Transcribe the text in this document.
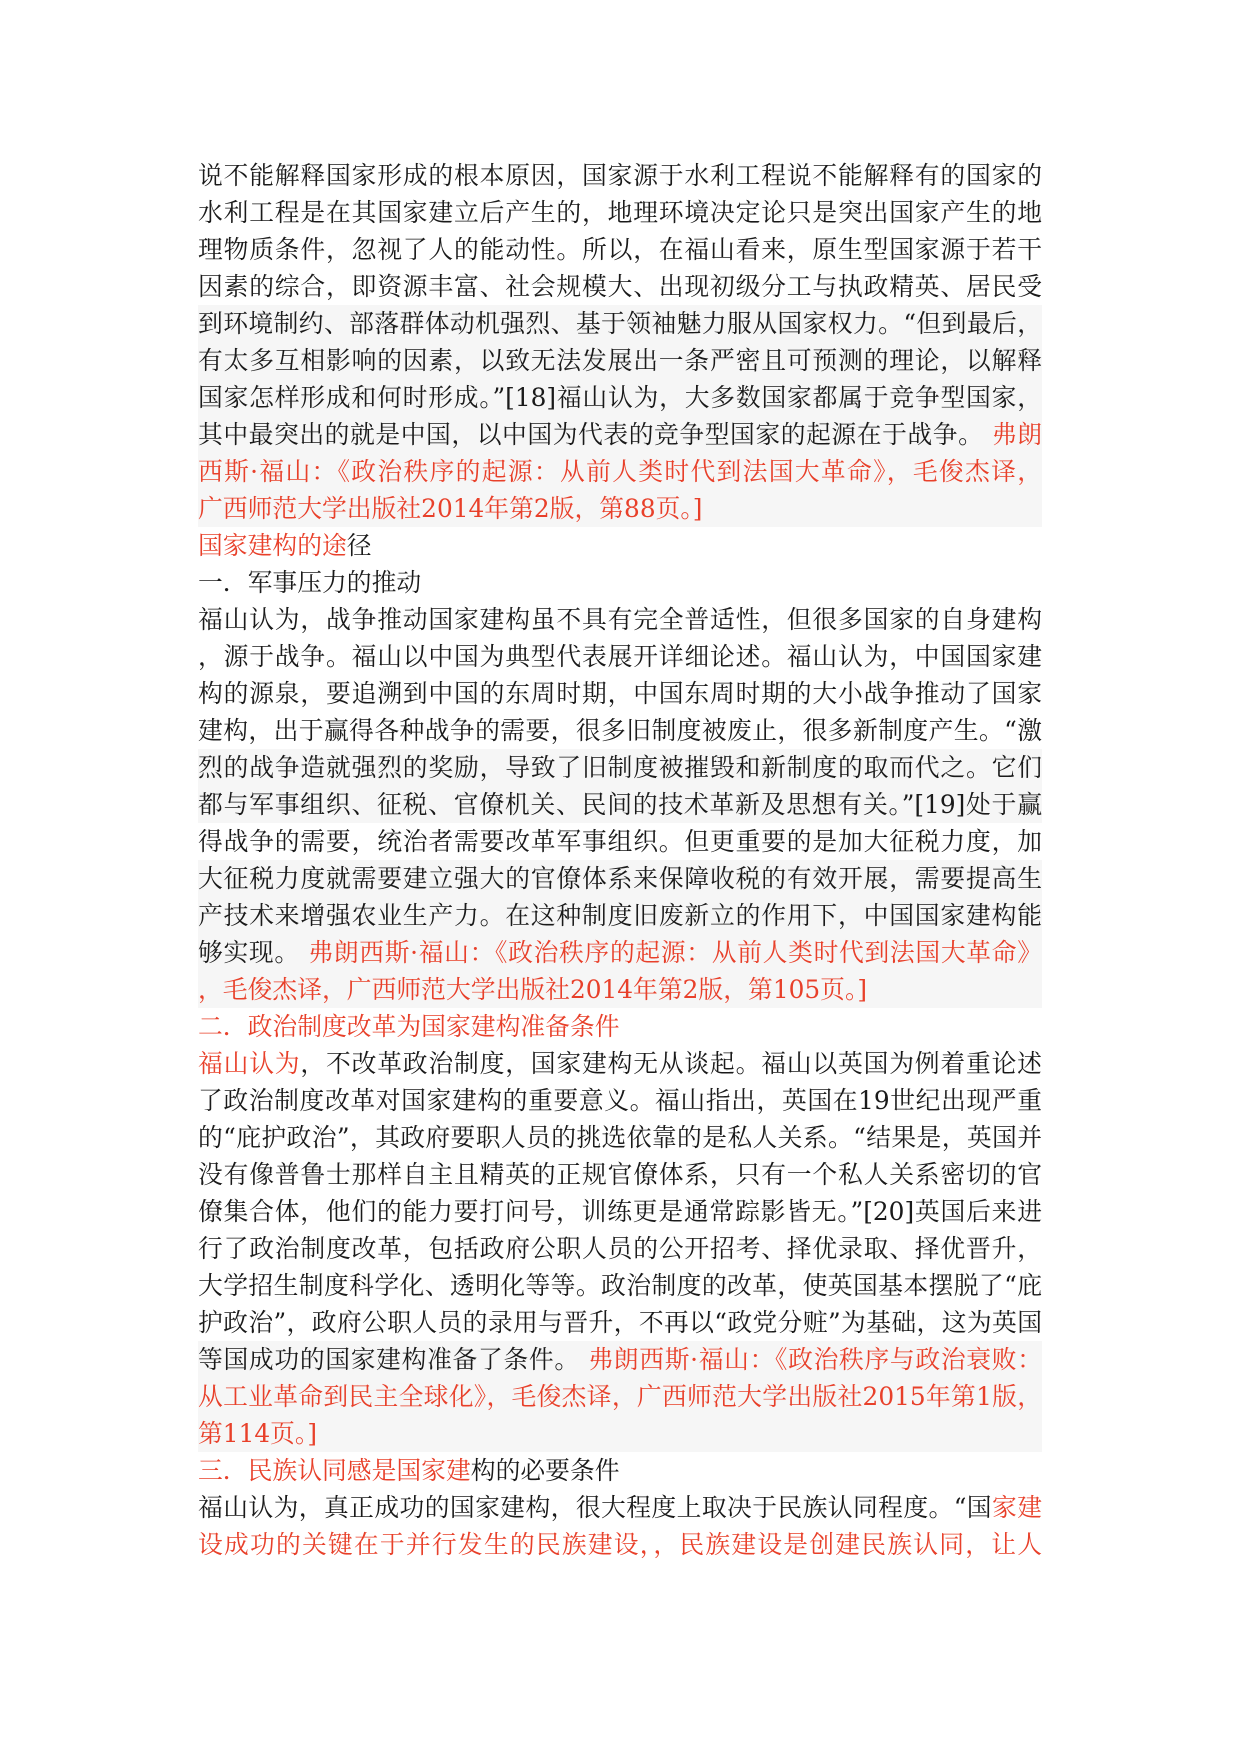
说不能解释国家形成的根本原因，国家源于水利工程说不能解释有的国家的
水利工程是在其国家建立后产生的，地理环境决定论只是突出国家产生的地
理物质条件，忽视了人的能动性。所以，在福山看来，原生型国家源于若干
因素的综合，即资源丰富、社会规模大、出现初级分工与执政精英、居民受
到环境制约、部落群体动机强烈、基于领袖魅力服从国家权力。“但到最后，
有太多互相影响的因素，以致无法发展出一条严密且可预测的理论，以解释
国家怎样形成和何时形成。”[18]福山认为，大多数国家都属于竞争型国家，
其中最突出的就是中国，以中国为代表的竞争型国家的起源在于战争。 弗朗
西斯·福山：《政治秩序的起源：从前人类时代到法国大革命》，毛俊杰译，
广西师范大学出版社2014年第2版，第88页。]
国家建构的途径
一．军事压力的推动
福山认为，战争推动国家建构虽不具有完全普适性，但很多国家的自身建构
，源于战争。福山以中国为典型代表展开详细论述。福山认为，中国国家建
构的源泉，要追溯到中国的东周时期，中国东周时期的大小战争推动了国家
建构，出于赢得各种战争的需要，很多旧制度被废止，很多新制度产生。“激
烈的战争造就强烈的奖励，导致了旧制度被摧毁和新制度的取而代之。它们
都与军事组织、征税、官僚机关、民间的技术革新及思想有关。”[19]处于赢
得战争的需要，统治者需要改革军事组织。但更重要的是加大征税力度，加
大征税力度就需要建立强大的官僚体系来保障收税的有效开展，需要提高生
产技术来增强农业生产力。在这种制度旧废新立的作用下，中国国家建构能
够实现。 弗朗西斯·福山：《政治秩序的起源：从前人类时代到法国大革命》
，毛俊杰译，广西师范大学出版社2014年第2版，第105页。]
二．政治制度改革为国家建构准备条件
福山认为，不改革政治制度，国家建构无从谈起。福山以英国为例着重论述
了政治制度改革对国家建构的重要意义。福山指出，英国在19世纪出现严重
的“庇护政治”，其政府要职人员的挑选依靠的是私人关系。“结果是，英国并
没有像普鲁士那样自主且精英的正规官僚体系，只有一个私人关系密切的官
僚集合体，他们的能力要打问号，训练更是通常踪影皆无。”[20]英国后来进
行了政治制度改革，包括政府公职人员的公开招考、择优录取、择优晋升，
大学招生制度科学化、透明化等等。政治制度的改革，使英国基本摆脱了“庇
护政治”，政府公职人员的录用与晋升，不再以“政党分赃”为基础，这为英国
等国成功的国家建构准备了条件。 弗朗西斯·福山：《政治秩序与政治衰败：
从工业革命到民主全球化》，毛俊杰译，广西师范大学出版社2015年第1版，
第114页。]
三．民族认同感是国家建构的必要条件
福山认为，真正成功的国家建构，很大程度上取决于民族认同程度。“国家建
设成功的关键在于并行发生的民族建设，，民族建设是创建民族认同，让人
